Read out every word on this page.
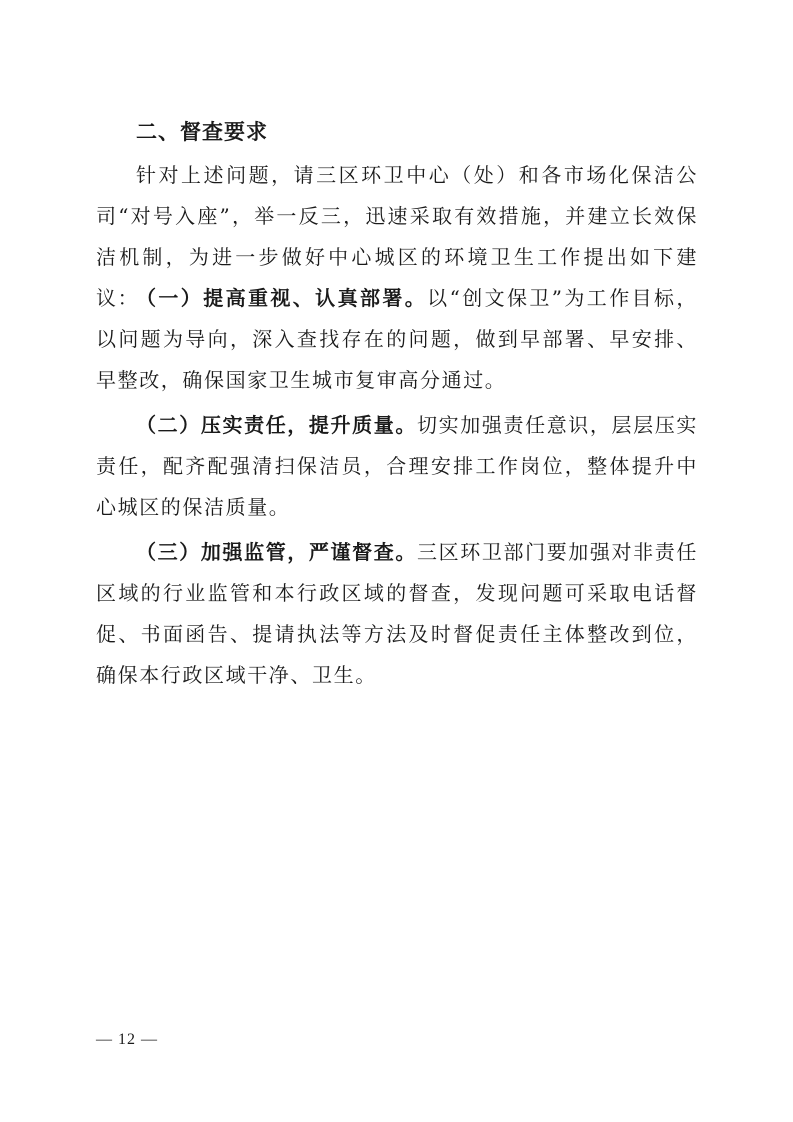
二、督查要求

针对上述问题，请三区环卫中心（处）和各市场化保洁公司“对号入座”，举一反三，迅速采取有效措施，并建立长效保洁机制，为进一步做好中心城区的环境卫生工作提出如下建议：

（一）提高重视、认真部署。以“创文保卫”为工作目标，以问题为导向，深入查找存在的问题，做到早部署、早安排、早整改，确保国家卫生城市复审高分通过。

（二）压实责任，提升质量。切实加强责任意识，层层压实责任，配齐配强清扫保洁员，合理安排工作岗位，整体提升中心城区的保洁质量。

（三）加强监管，严谨督查。三区环卫部门要加强对非责任区域的行业监管和本行政区域的督查，发现问题可采取电话督促、书面函告、提请执法等方法及时督促责任主体整改到位，确保本行政区域干净、卫生。

— 12 —
